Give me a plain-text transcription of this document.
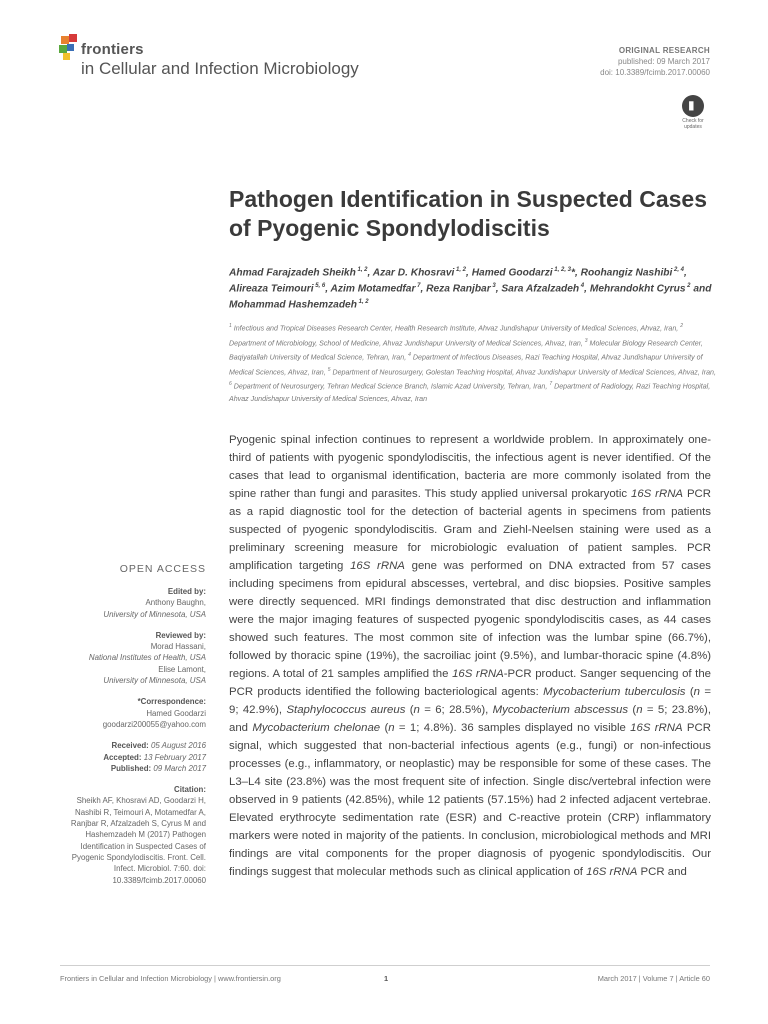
frontiers
in Cellular and Infection Microbiology
ORIGINAL RESEARCH
published: 09 March 2017
doi: 10.3389/fcimb.2017.00060
▮
Check for updates
Pathogen Identification in Suspected Cases of Pyogenic Spondylodiscitis
Ahmad Farajzadeh Sheikh $^{1, 2}$, Azar D. Khosravi $^{1, 2}$, Hamed Goodarzi $^{1, 2, 3}$*, Roohangiz Nashibi $^{2, 4}$, Alireaza Teimouri $^{5, 6}$, Azim Motamedfar $^7$, Reza Ranjbar $^3$, Sara Afzalzadeh $^4$, Mehrandokht Cyrus $^2$ and Mohammad Hashemzadeh $^{1, 2}$
$^1$ Infectious and Tropical Diseases Research Center, Health Research Institute, Ahvaz Jundishapur University of Medical Sciences, Ahvaz, Iran, $^2$ Department of Microbiology, School of Medicine, Ahvaz Jundishapur University of Medical Sciences, Ahvaz, Iran, $^3$ Molecular Biology Research Center, Baqiyatallah University of Medical Science, Tehran, Iran, $^4$ Department of Infectious Diseases, Razi Teaching Hospital, Ahvaz Jundishapur University of Medical Sciences, Ahvaz, Iran, $^5$ Department of Neurosurgery, Golestan Teaching Hospital, Ahvaz Jundishapur University of Medical Sciences, Ahvaz, Iran, $^6$ Department of Neurosurgery, Tehran Medical Science Branch, Islamic Azad University, Tehran, Iran, $^7$ Department of Radiology, Razi Teaching Hospital, Ahvaz Jundishapur University of Medical Sciences, Ahvaz, Iran

Pyogenic spinal infection continues to represent a worldwide problem. In approximately one-third of patients with pyogenic spondylodiscitis, the infectious agent is never identified. Of the cases that lead to organismal identification, bacteria are more commonly isolated from the spine rather than fungi and parasites. This study applied universal prokaryotic 16S rRNA PCR as a rapid diagnostic tool for the detection of bacterial agents in specimens from patients suspected of pyogenic spondylodiscitis. Gram and Ziehl-Neelsen staining were used as a preliminary screening measure for microbiologic evaluation of patient samples. PCR amplification targeting 16S rRNA gene was performed on DNA extracted from 57 cases including specimens from epidural abscesses, vertebral, and disc biopsies. Positive samples were directly sequenced. MRI findings demonstrated that disc destruction and inflammation were the major imaging features of suspected pyogenic spondylodiscitis cases, as 44 cases showed such features. The most common site of infection was the lumbar spine (66.7%), followed by thoracic spine (19%), the sacroiliac joint (9.5%), and lumbar-thoracic spine (4.8%) regions. A total of 21 samples amplified the 16S rRNA-PCR product. Sanger sequencing of the PCR products identified the following bacteriological agents: Mycobacterium tuberculosis (n = 9; 42.9%), Staphylococcus aureus (n = 6; 28.5%), Mycobacterium abscessus (n = 5; 23.8%), and Mycobacterium chelonae (n = 1; 4.8%). 36 samples displayed no visible 16S rRNA PCR signal, which suggested that non-bacterial infectious agents (e.g., fungi) or non-infectious processes (e.g., inflammatory, or neoplastic) may be responsible for some of these cases. The L3–L4 site (23.8%) was the most frequent site of infection. Single disc/vertebral infection were observed in 9 patients (42.85%), while 12 patients (57.15%) had 2 infected adjacent vertebrae. Elevated erythrocyte sedimentation rate (ESR) and C-reactive protein (CRP) inflammatory markers were noted in majority of the patients. In conclusion, microbiological methods and MRI findings are vital components for the proper diagnosis of pyogenic spondylodiscitis. Our findings suggest that molecular methods such as clinical application of 16S rRNA PCR and

OPEN ACCESS
Edited by:
Anthony Baughn,
University of Minnesota, USA
Reviewed by:
Morad Hassani,
National Institutes of Health, USA
Elise Lamont,
University of Minnesota, USA
*Correspondence:
Hamed Goodarzi
goodarzi200055@yahoo.com
Received: 05 August 2016
Accepted: 13 February 2017
Published: 09 March 2017
Citation:
Sheikh AF, Khosravi AD, Goodarzi H, Nashibi R, Teimouri A, Motamedfar A, Ranjbar R, Afzalzadeh S, Cyrus M and Hashemzadeh M (2017) Pathogen Identification in Suspected Cases of Pyogenic Spondylodiscitis. Front. Cell. Infect. Microbiol. 7:60. doi: 10.3389/fcimb.2017.00060
Frontiers in Cellular and Infection Microbiology | www.frontiersin.org	1	March 2017 | Volume 7 | Article 60
